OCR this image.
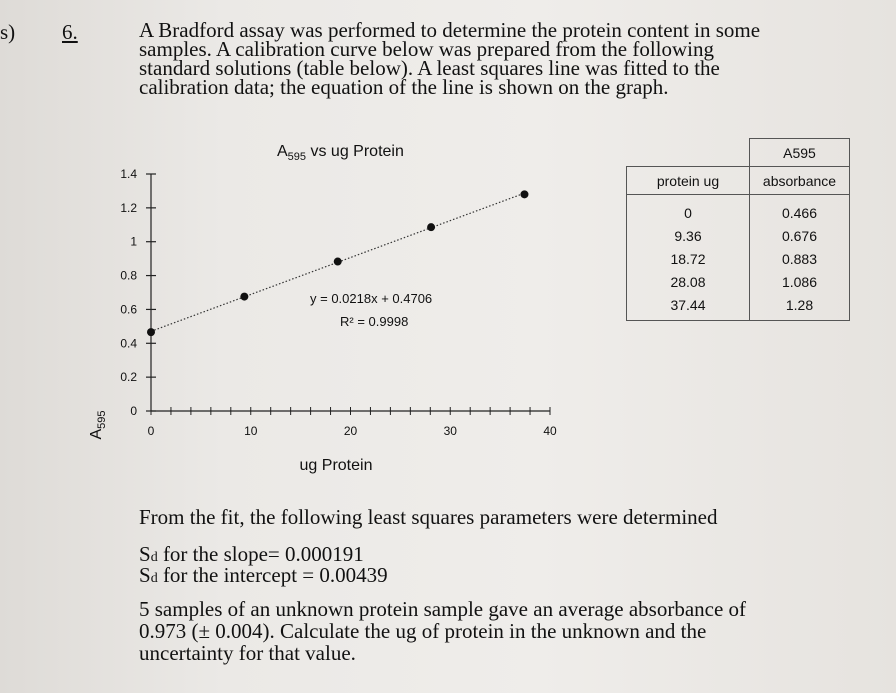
s) 6.	A Bradford assay was performed to determine the protein content in some
samples. A calibration curve below was prepared from the following
standard solutions (table below). A least squares line was fitted to the
calibration data; the equation of the line is shown on the graph.
$A_{595}$ vs ug Protein
$A_{595}$ 0
0.2
0.4
0.6
0.8
1
1.2
1.4
0	10	20	30	40
y = 0.0218x + 0.4706
R² = 0.9998
ug Protein
	A595
protein ug	absorbance
0	0.466
9.36	0.676
18.72	0.883
28.08	1.086
37.44	1.28
From the fit, the following least squares parameters were determined
Sd for the slope= 0.000191
Sd for the intercept = 0.00439
5 samples of an unknown protein sample gave an average absorbance of
0.973 (± 0.004). Calculate the ug of protein in the unknown and the
uncertainty for that value.
